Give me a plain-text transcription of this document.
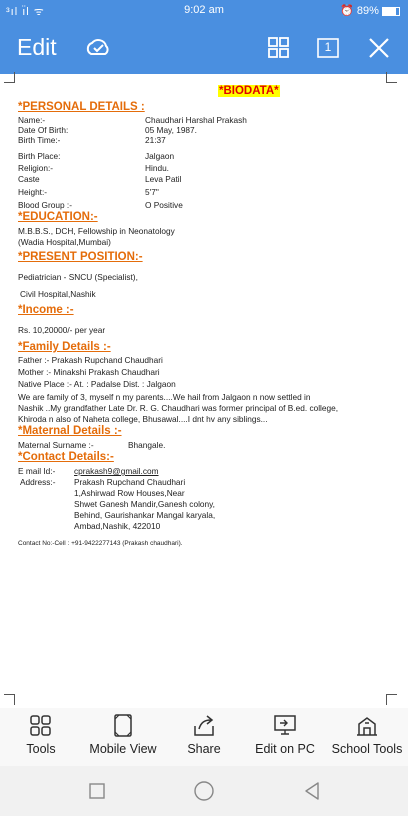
³ıl ı̈l ᯤ	9:02 am	⏰ 89%
Edit	1
*BIODATA*
*PERSONAL DETAILS :
Name:-	Chaudhari Harshal Prakash
Date Of Birth:	05 May, 1987.
Birth Time:-	21:37
Birth Place:	Jalgaon
Religion:-	Hindu.
Caste	Leva Patil
Height:-	5'7"
Blood Group :-	O Positive
*EDUCATION:-
M.B.B.S., DCH, Fellowship in Neonatology
(Wadia Hospital,Mumbai)
*PRESENT POSITION:-
Pediatrician - SNCU (Specialist),
Civil Hospital,Nashik
*Income :-
Rs. 10,20000/- per year
*Family Details :-
Father :- Prakash Rupchand Chaudhari
Mother :- Minakshi Prakash Chaudhari
Native Place :- At. : Padalse Dist. : Jalgaon
We are family of 3, myself n my parents....We hail from Jalgaon n now settled in
Nashik ..My grandfather Late Dr. R. G. Chaudhari was former principal of B.ed. college,
Khiroda n also of Naheta college, Bhusawal....I dnt hv any siblings...
*Maternal Details :-
Maternal Surname :-	Bhangale.
*Contact Details:-
E mail Id:- cprakash9@gmail.com
Address:- Prakash Rupchand Chaudhari
1,Ashirwad Row Houses,Near
Shwet Ganesh Mandir,Ganesh colony,
Behind, Gaurishankar Mangal karyala,
Ambad,Nashik, 422010
Contact No:-Cell : +91-9422277143 (Prakash chaudhari).
Tools	Mobile View	Share	Edit on PC School Tools
